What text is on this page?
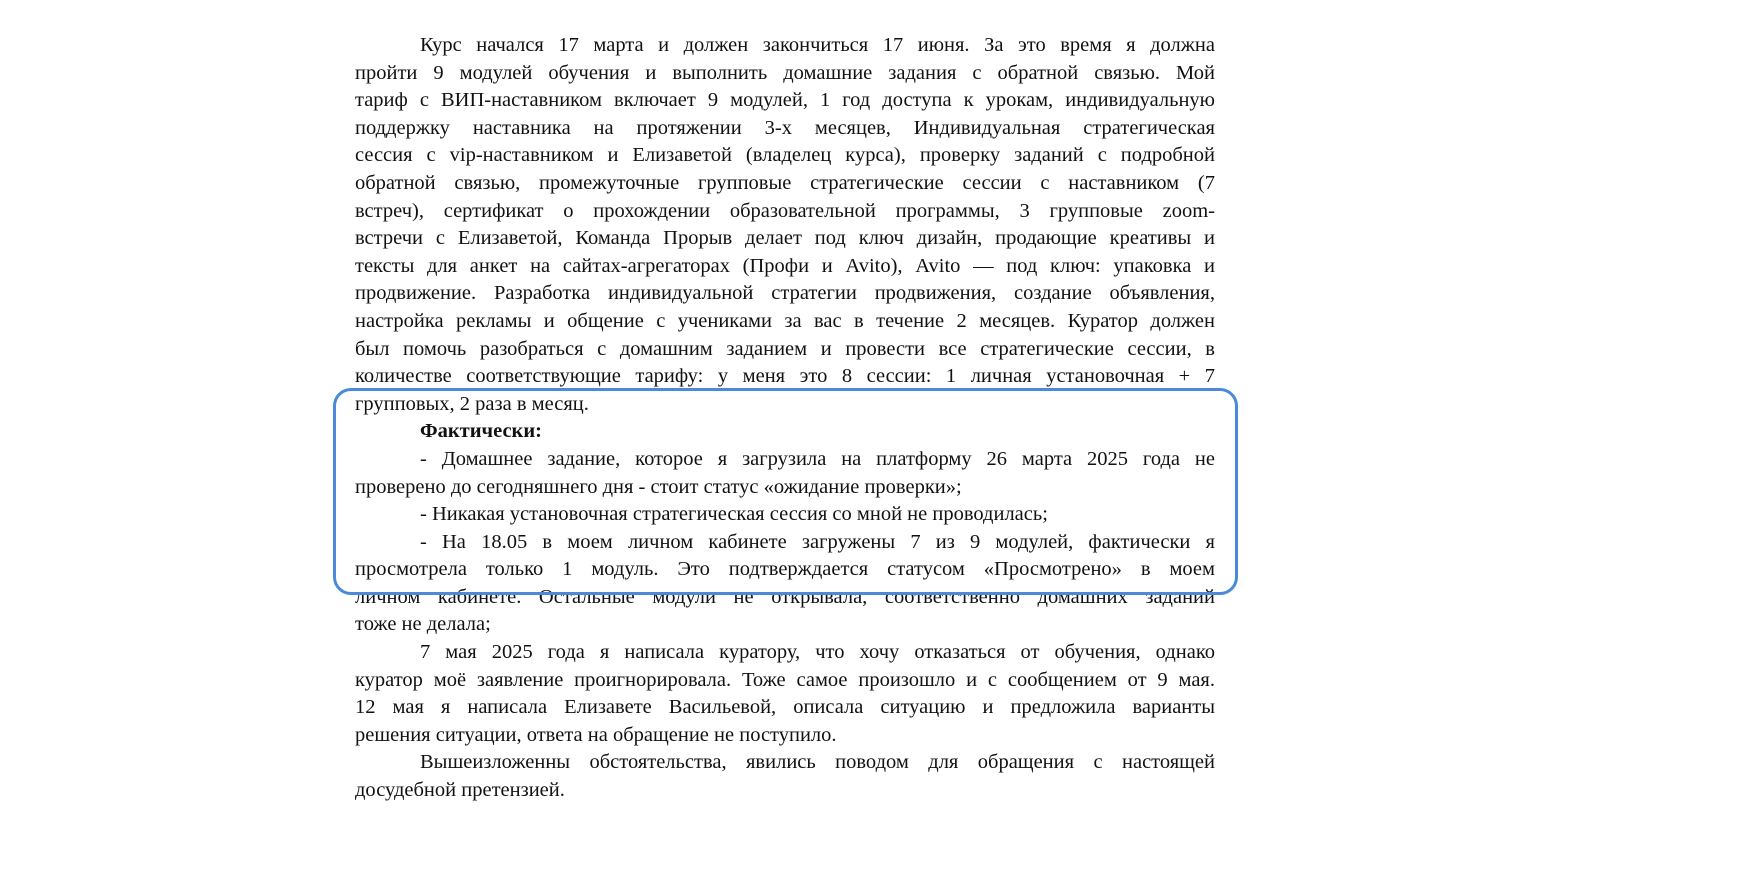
Курс начался 17 марта и должен закончиться 17 июня. За это время я должна
пройти 9 модулей обучения и выполнить домашние задания с обратной связью. Мой
тариф с ВИП-наставником включает 9 модулей, 1 год доступа к урокам, индивидуальную
поддержку наставника на протяжении 3-х месяцев, Индивидуальная стратегическая
сессия с vip-наставником и Елизаветой (владелец курса), проверку заданий с подробной
обратной связью, промежуточные групповые стратегические сессии с наставником (7
встреч), сертификат о прохождении образовательной программы, 3 групповые zoom-
встречи с Елизаветой, Команда Прорыв делает под ключ дизайн, продающие креативы и
тексты для анкет на сайтах-агрегаторах (Профи и Avito), Avito — под ключ: упаковка и
продвижение. Разработка индивидуальной стратегии продвижения, создание объявления,
настройка рекламы и общение с учениками за вас в течение 2 месяцев. Куратор должен
был помочь разобраться с домашним заданием и провести все стратегические сессии, в
количестве соответствующие тарифу: у меня это 8 сессии: 1 личная установочная + 7
групповых, 2 раза в месяц.
Фактически:
- Домашнее задание, которое я загрузила на платформу 26 марта 2025 года не
проверено до сегодняшнего дня - стоит статус «ожидание проверки»;
- Никакая установочная стратегическая сессия со мной не проводилась;
- На 18.05 в моем личном кабинете загружены 7 из 9 модулей, фактически я
просмотрела только 1 модуль. Это подтверждается статусом «Просмотрено» в моем
личном кабинете. Остальные модули не открывала, соответственно домашних заданий
тоже не делала;
7 мая 2025 года я написала куратору, что хочу отказаться от обучения, однако
куратор моё заявление проигнорировала. Тоже самое произошло и с сообщением от 9 мая.
12 мая я написала Елизавете Васильевой, описала ситуацию и предложила варианты
решения ситуации, ответа на обращение не поступило.
Вышеизложенны обстоятельства, явились поводом для обращения с настоящей
досудебной претензией.
